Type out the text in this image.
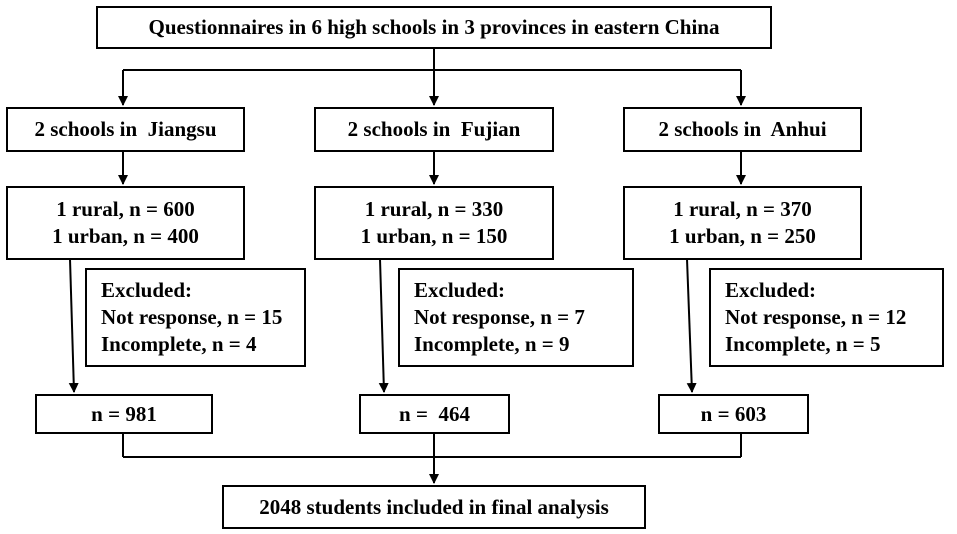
Questionnaires in 6 high schools in 3 provinces in eastern China
2 schools in  Jiangsu	2 schools in  Fujian	2 schools in  Anhui
1 rural, n = 600
1 urban, n = 400
1 rural, n = 330
1 urban, n = 150
1 rural, n = 370
1 urban, n = 250
Excluded:
Not response, n = 15
Incomplete, n = 4
Excluded:
Not response, n = 7
Incomplete, n = 9
Excluded:
Not response, n = 12
Incomplete, n = 5
n = 981	n =  464	n = 603
2048 students included in final analysis
